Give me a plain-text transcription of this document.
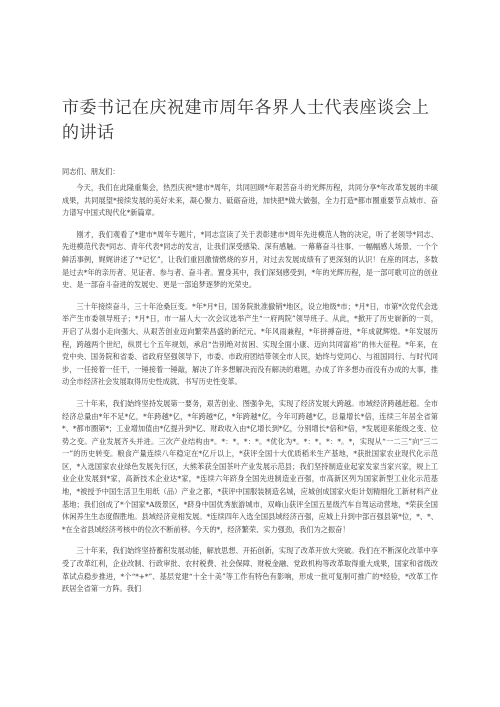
市委书记在庆祝建市周年各界人士代表座谈会上的讲话

同志们、朋友们：

今天，我们在此隆重集会，热烈庆祝*建市*周年，共同回顾*年艰苦奋斗的光辉历程，共同分享*年改革发展的丰硕成果，共同展望*接续发展的美好未来，凝心聚力、砥砺奋进，加快把*做大做强，全力打造*都市圈重要节点城市、奋力谱写中国式现代化*新篇章。

刚才，我们观看了*建市*周年专题片，*同志宣读了关于表彰建市*周年先进模范人物的决定，听了老领导*同志、先进模范代表*同志、青年代表*同志的发言，让我们深受感染、深有感触。一幕幕奋斗往事、一幅幅感人场景、一个个鲜活事例，娓娓讲述了“*记忆”，让我们重回激情燃烧的岁月，对过去发展成绩有了更深刻的认识！在座的同志，多数是过去*年的亲历者、见证者、参与者、奋斗者。置身其中，我们深刻感受到，*年的光辉历程，是一部可歌可泣的创业史、是一部奋斗奋进的发展史、更是一部追梦逐梦的光荣史。

三十年接续奋斗，三十年沧桑巨变。*年*月*日，国务院批准撤销*地区，设立地级*市；*月*日，市第*次党代会选举产生市委领导班子；*月*日，市一届人大一次会议选举产生“一府两院”领导班子。从此，*掀开了历史崭新的一页，开启了从弱小走向强大、从艰苦创业迈向繁荣昌盛的新纪元。*年风雨兼程，*年拼搏奋进，*年成就辉煌。*年发展历程，跨越两个世纪，纵贯七个五年规划，承启“告别绝对贫困、实现全面小康、迈向共同富裕”的伟大征程。*年来，在党中央、国务院和省委、省政府坚强领导下，市委、市政府团结带领全市人民，始终与党同心、与祖国同行、与时代同步，一任接着一任干，一锤接着一锤敲，解决了许多想解决而没有解决的难题，办成了许多想办而没有办成的大事，推动全市经济社会发展取得历史性成就、书写历史性变革。

三十年来，我们始终坚持发展第一要务，艰苦创业、图强争先，实现了经济发展大跨越。市域经济跨越赶超。全市经济总量由*年不足*亿，*年跨越*亿，*年跨越*亿，*年跨越*亿，今年可跨越*亿，总量增长*倍，连续三年居全省第*、*都市圈第*；工业增加值由*亿提升到*亿、财政收入由*亿增长到*亿，分别增长*倍和*倍，*发展迎来能级之变、位势之变。产业发展齐头并进。三次产业结构由*。*：*。*：*。*优化为*。*：*。*：*。*，实现从“一二三”向“三二一”的历史转变。粮食产量连续八年稳定在*亿斤以上，*获评全国十大优质稻米生产基地，*获批国家农业现代化示范区，*入选国家农业绿色发展先行区，大熊苯获全国茶叶产业发展示范县；我们坚持制造业起家发家当家兴家，规上工业企业发展到*家，高新技术企业达*家，*连续六年跻身全国先进制造业百强，市高新区列为国家新型工业化示范基地，*被授予中国生活卫生用纸（品）产业之都，*获评中国服装制造名城，应城创成国家火炬计划精细化工新材料产业基地；我们创成了*个国家*A级景区，*跻身中国优秀旅游城市，双峰山获评全国五星级汽车自驾运动营地，*荣获全国休闲养生生态度假胜地。县域经济竞相发展。*连续四年入选全国县域经济百强，应城上升到中部百强县第*位，*、*、*在全省县域经济考核中的位次不断前移。今天的*，经济繁荣、实力强劲，我们为之振奋！

三十年来，我们始终坚持蓄积发展动能，解放思想、开拓创新，实现了改革开放大突破。我们在不断深化改革中享受了改革红利，企业改制、行政审批、农村税费、社会保障、财税金融、党政机构等改革取得重大成果，国家和省级改革试点稳步推进，*个“*+*”、基层党建“十全十美”等工作有特色有影响，形成一批可复制可推广的*经验，*改革工作跃居全省第一方阵。我们
